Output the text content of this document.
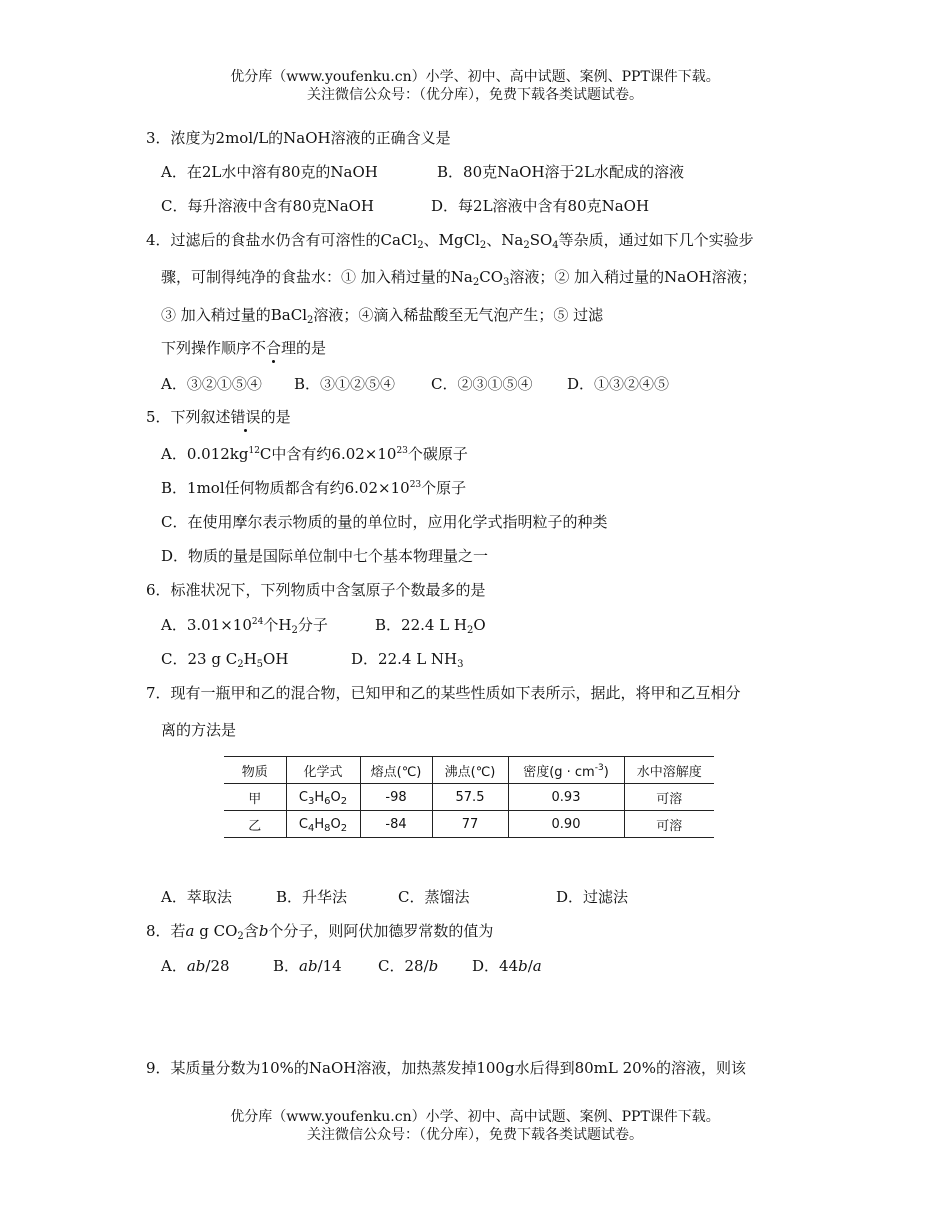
优分库（www.youfenku.cn）小学、初中、高中试题、案例、PPT课件下载。
关注微信公众号：（优分库），免费下载各类试题试卷。
3．浓度为2mol/L的NaOH溶液的正确含义是
A．在2L水中溶有80克的NaOH	B．80克NaOH溶于2L水配成的溶液
C．每升溶液中含有80克NaOH	D．每2L溶液中含有80克NaOH
4．过滤后的食盐水仍含有可溶性的CaCl$_2$、MgCl$_2$、$Na_2SO_4$等杂质，通过如下几个实验步
骤，可制得纯净的食盐水：① 加入稍过量的$Na_2CO_3$溶液；② 加入稍过量的NaOH溶液；
③ 加入稍过量的BaCl$_2$溶液；④滴入稀盐酸至无气泡产生；⑤ 过滤
下列操作顺序不合理的是
A．③②①⑤④ B．③①②⑤④ C．②③①⑤④ D．①③②④⑤
5．下列叙述错误的是
A．$0.012kg^{12}C$中含有约$6.02\times 10^{23}$个碳原子
B．1mol任何物质都含有约$6.02\times 10^{23}$个原子
C．在使用摩尔表示物质的量的单位时，应用化学式指明粒子的种类
D．物质的量是国际单位制中七个基本物理量之一
6．标准状况下，下列物质中含氢原子个数最多的是
A．$3.01\times 10^{24}$个$H_2$分子	B．22.4 L $H_2O$
C．23 g $C_2H_5OH$	D．22.4 L $NH_3$
7．现有一瓶甲和乙的混合物，已知甲和乙的某些性质如下表所示，据此，将甲和乙互相分
离的方法是
物质	化学式	熔点(℃)	沸点(℃)	密度$(g \cdot cm^{-3})$	水中溶解度
甲	$C_3H_6O_2$	-98	57.5	0.93	可溶
乙	$C_4H_8O_2$	-84	77	0.90	可溶
A．萃取法	B．升华法	C．蒸馏法	D．过滤法
8．若a g $CO_2$含b个分子，则阿伏加德罗常数的值为
A．ab/28	B．ab/14 C．28/b D．44b/a
9．某质量分数为10%的NaOH溶液，加热蒸发掉100g水后得到80mL 20%的溶液，则该
优分库（www.youfenku.cn）小学、初中、高中试题、案例、PPT课件下载。
关注微信公众号：（优分库），免费下载各类试题试卷。
